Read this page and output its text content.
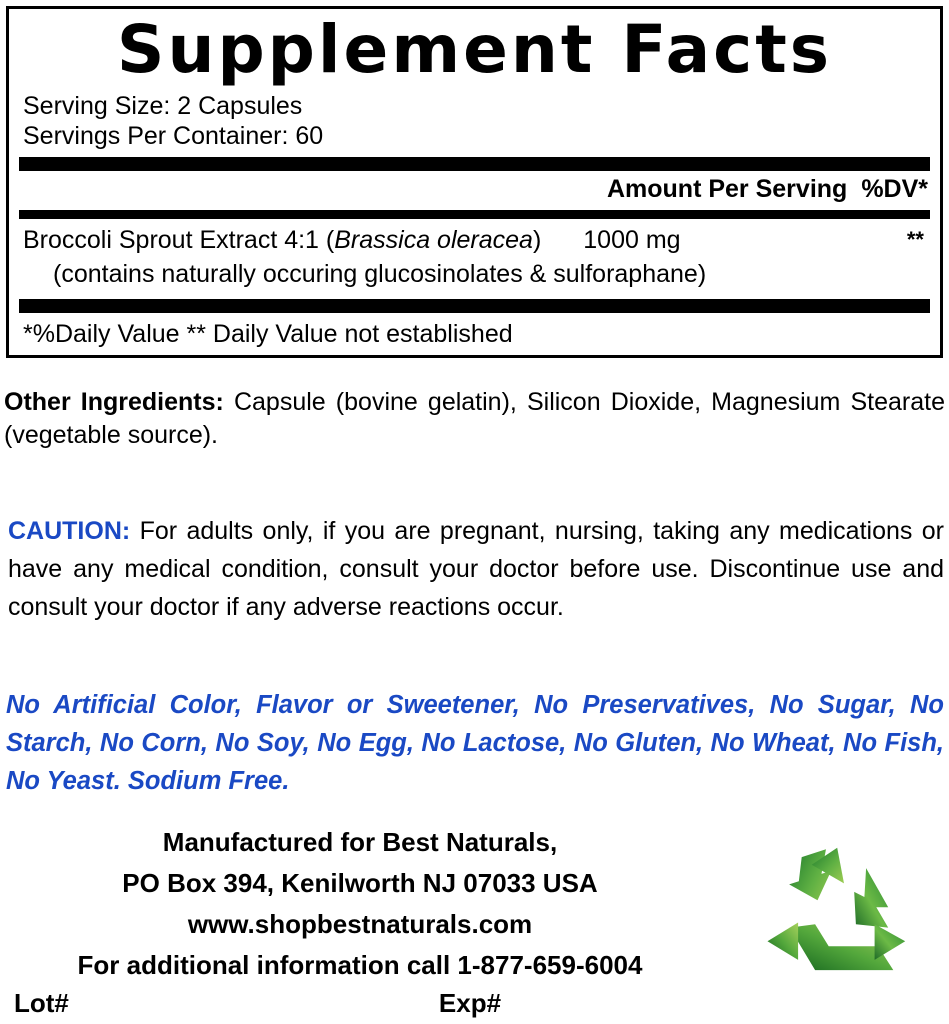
Supplement Facts
Serving Size: 2 Capsules
Servings Per Container: 60
Amount Per Serving %DV*
Broccoli Sprout Extract 4:1 (Brassica oleracea) 1000 mg	**
(contains naturally occuring glucosinolates & sulforaphane)
*%Daily Value ** Daily Value not established
Other Ingredients: Capsule (bovine gelatin), Silicon Dioxide, Magnesium Stearate (vegetable source).
CAUTION: For adults only, if you are pregnant, nursing, taking any medications or have any medical condition, consult your doctor before use. Discontinue use and consult your doctor if any adverse reactions occur.
No Artificial Color, Flavor or Sweetener, No Preservatives, No Sugar, No Starch, No Corn, No Soy, No Egg, No Lactose, No Gluten, No Wheat, No Fish, No Yeast. Sodium Free.
Manufactured for Best Naturals,
PO Box 394, Kenilworth NJ 07033 USA
www.shopbestnaturals.com
For additional information call 1-877-659-6004
Lot#	Exp#
